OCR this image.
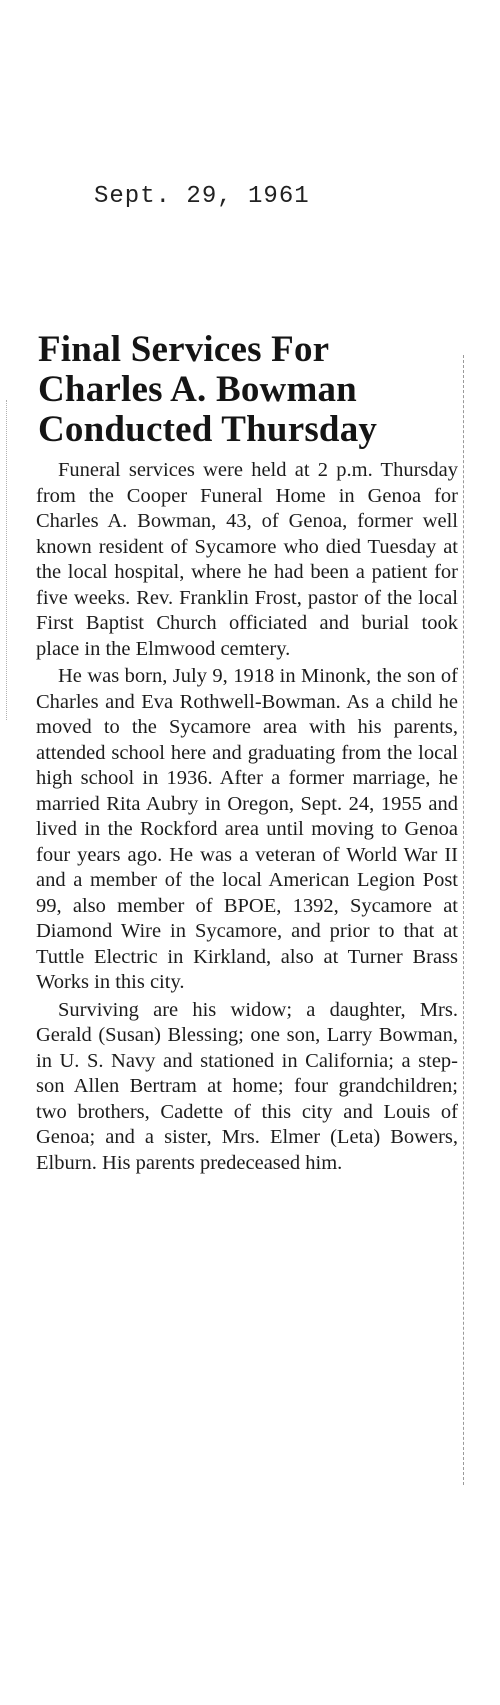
Sept. 29, 1961
Final Services For
Charles A. Bowman
Conducted Thursday

Funeral services were held at 2 p.m. Thursday from the Cooper Funeral Home in Genoa for Charles A. Bowman, 43, of Genoa, former well known resident of Sycamore who died Tuesday at the local hospital, where he had been a patient for five weeks. Rev. Franklin Frost, pastor of the local First Baptist Church officiated and burial took place in the Elmwood cemtery.

He was born, July 9, 1918 in Minonk, the son of Charles and Eva Rothwell-Bowman. As a child he moved to the Sycamore area with his parents, attended school here and graduating from the local high school in 1936. After a former marriage, he married Rita Aubry in Oregon, Sept. 24, 1955 and lived in the Rockford area until moving to Genoa four years ago. He was a veteran of World War II and a member of the local American Legion Post 99, also member of BPOE, 1392, Sycamore at Diamond Wire in Sycamore, and prior to that at Tuttle Electric in Kirkland, also at Turner Brass Works in this city.

Surviving are his widow; a daughter, Mrs. Gerald (Susan) Blessing; one son, Larry Bowman, in U. S. Navy and stationed in California; a step-son Allen Bertram at home; four grandchildren; two brothers, Cadette of this city and Louis of Genoa; and a sister, Mrs. Elmer (Leta) Bowers, Elburn. His parents predeceased him.
